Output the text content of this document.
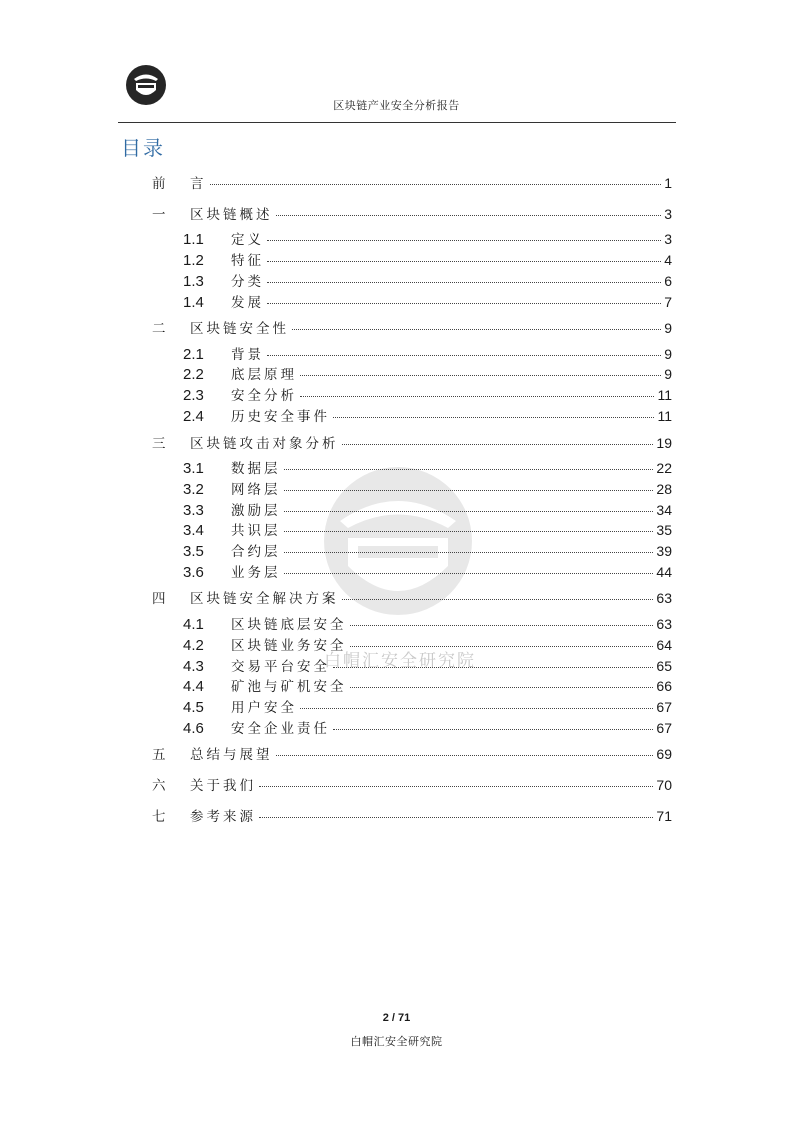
区块链产业安全分析报告
目录
白帽汇安全研究院
前	言	1
一	区块链概述	3
1.1	定义	3
1.2	特征	4
1.3	分类	6
1.4	发展	7
二	区块链安全性	9
2.1	背景	9
2.2	底层原理	9
2.3	安全分析	11
2.4	历史安全事件	11
三	区块链攻击对象分析	19
3.1	数据层	22
3.2	网络层	28
3.3	激励层	34
3.4	共识层	35
3.5	合约层	39
3.6	业务层	44
四	区块链安全解决方案	63
4.1	区块链底层安全	63
4.2	区块链业务安全	64
4.3	交易平台安全	65
4.4	矿池与矿机安全	66
4.5	用户安全	67
4.6	安全企业责任	67
五	总结与展望	69
六	关于我们	70
七	参考来源	71
2 / 71
白帽汇安全研究院
